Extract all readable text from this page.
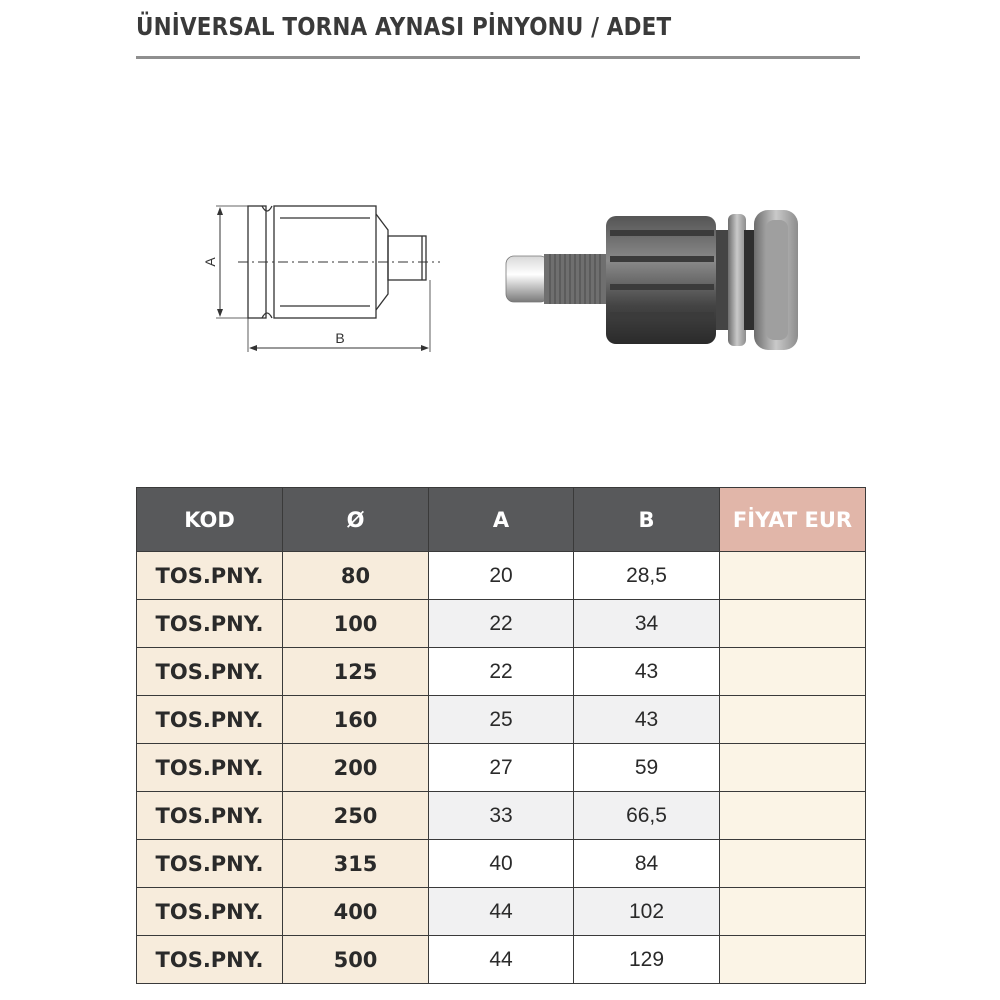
ÜNİVERSAL TORNA AYNASI PİNYONU / ADET
A
B
KOD	Ø	A	B	FİYAT EUR
TOS.PNY.	80	20	28,5	
TOS.PNY.	100	22	34	
TOS.PNY.	125	22	43	
TOS.PNY.	160	25	43	
TOS.PNY.	200	27	59	
TOS.PNY.	250	33	66,5	
TOS.PNY.	315	40	84	
TOS.PNY.	400	44	102	
TOS.PNY.	500	44	129	
